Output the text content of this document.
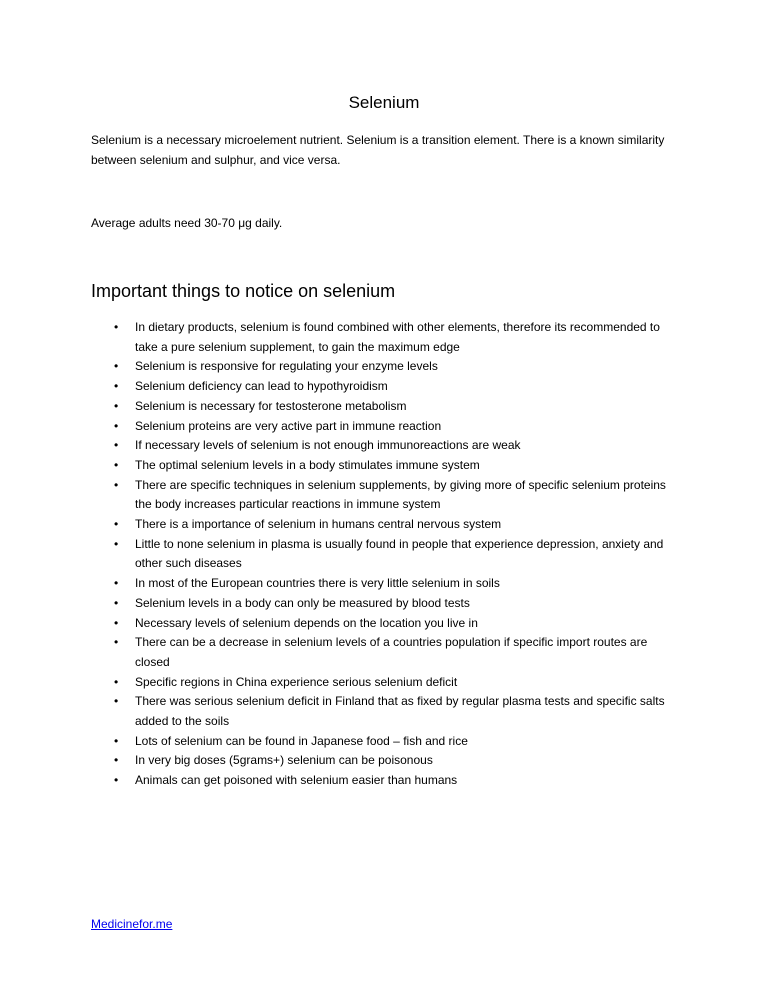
Selenium

Selenium is a necessary microelement nutrient. Selenium is a transition element. There is a known similarity between selenium and sulphur, and vice versa.

Average adults need 30-70 μg daily.

Important things to notice on selenium
• In dietary products, selenium is found combined with other elements, therefore its recommended to take a pure selenium supplement, to gain the maximum edge
• Selenium is responsive for regulating your enzyme levels
• Selenium deficiency can lead to hypothyroidism
• Selenium is necessary for testosterone metabolism
• Selenium proteins are very active part in immune reaction
• If necessary levels of selenium is not enough immunoreactions are weak
• The optimal selenium levels in a body stimulates immune system
• There are specific techniques in selenium supplements, by giving more of specific selenium proteins the body increases particular reactions in immune system
• There is a importance of selenium in humans central nervous system
• Little to none selenium in plasma is usually found in people that experience depression, anxiety and other such diseases
• In most of the European countries there is very little selenium in soils
• Selenium levels in a body can only be measured by blood tests
• Necessary levels of selenium depends on the location you live in
• There can be a decrease in selenium levels of a countries population if specific import routes are closed
• Specific regions in China experience serious selenium deficit
• There was serious selenium deficit in Finland that as fixed by regular plasma tests and specific salts added to the soils
• Lots of selenium can be found in Japanese food – fish and rice
• In very big doses (5grams+) selenium can be poisonous
• Animals can get poisoned with selenium easier than humans
Medicinefor.me
